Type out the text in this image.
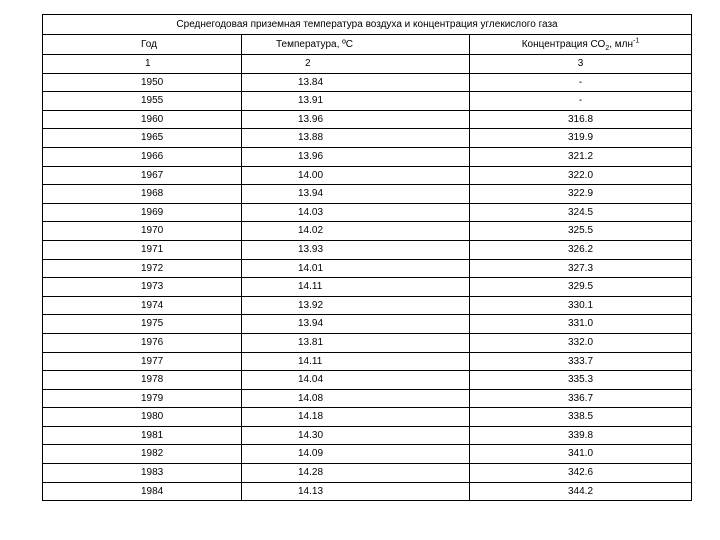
Среднегодовая приземная температура воздуха и концентрация углекислого газа		
Год	Температура, ºС	Концентрация $СО_2$, млн$^{-1}$
1	2	3
1950	13.84	-
1955	13.91	-
1960	13.96	316.8
1965	13.88	319.9
1966	13.96	321.2
1967	14.00	322.0
1968	13.94	322.9
1969	14.03	324.5
1970	14.02	325.5
1971	13.93	326.2
1972	14.01	327.3
1973	14.11	329.5
1974	13.92	330.1
1975	13.94	331.0
1976	13.81	332.0
1977	14.11	333.7
1978	14.04	335.3
1979	14.08	336.7
1980	14.18	338.5
1981	14.30	339.8
1982	14.09	341.0
1983	14.28	342.6
1984	14.13	344.2
